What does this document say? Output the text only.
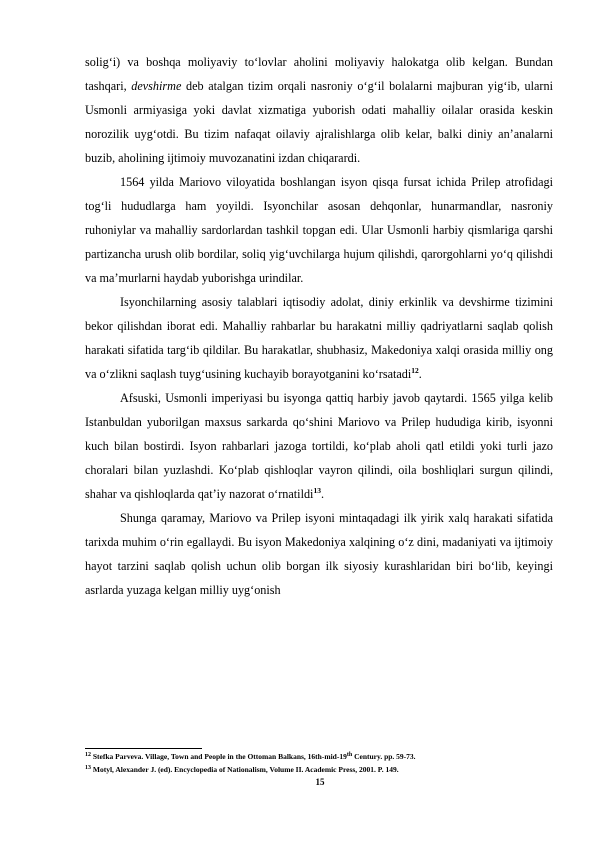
solig‘i) va boshqa moliyaviy to‘lovlar aholini moliyaviy halokatga olib kelgan. Bundan tashqari, devshirme deb atalgan tizim orqali nasroniy o‘g‘il bolalarni majburan yig‘ib, ularni Usmonli armiyasiga yoki davlat xizmatiga yuborish odati mahalliy oilalar orasida keskin norozilik uyg‘otdi. Bu tizim nafaqat oilaviy ajralishlarga olib kelar, balki diniy an’analarni buzib, aholining ijtimoiy muvozanatini izdan chiqarardi.

1564 yilda Mariovo viloyatida boshlangan isyon qisqa fursat ichida Prilep atrofidagi tog‘li hududlarga ham yoyildi. Isyonchilar asosan dehqonlar, hunarmandlar, nasroniy ruhoniylar va mahalliy sardorlardan tashkil topgan edi. Ular Usmonli harbiy qismlariga qarshi partizancha urush olib bordilar, soliq yig‘uvchilarga hujum qilishdi, qarorgohlarni yo‘q qilishdi va ma’murlarni haydab yuborishga urindilar.

Isyonchilarning asosiy talablari iqtisodiy adolat, diniy erkinlik va devshirme tizimini bekor qilishdan iborat edi. Mahalliy rahbarlar bu harakatni milliy qadriyatlarni saqlab qolish harakati sifatida targ‘ib qildilar. Bu harakatlar, shubhasiz, Makedoniya xalqi orasida milliy ong va o‘zlikni saqlash tuyg‘usining kuchayib borayotganini ko‘rsatadi$^{12}$.

Afsuski, Usmonli imperiyasi bu isyonga qattiq harbiy javob qaytardi. 1565 yilga kelib Istanbuldan yuborilgan maxsus sarkarda qo‘shini Mariovo va Prilep hududiga kirib, isyonni kuch bilan bostirdi. Isyon rahbarlari jazoga tortildi, ko‘plab aholi qatl etildi yoki turli jazo choralari bilan yuzlashdi. Ko‘plab qishloqlar vayron qilindi, oila boshliqlari surgun qilindi, shahar va qishloqlarda qat’iy nazorat o‘rnatildi$^{13}$.

Shunga qaramay, Mariovo va Prilep isyoni mintaqadagi ilk yirik xalq harakati sifatida tarixda muhim o‘rin egallaydi. Bu isyon Makedoniya xalqining o‘z dini, madaniyati va ijtimoiy hayot tarzini saqlab qolish uchun olib borgan ilk siyosiy kurashlaridan biri bo‘lib, keyingi asrlarda yuzaga kelgan milliy uyg‘onish

$^{12}$ Stefka Parveva. Village, Town and People in the Ottoman Balkans, 16th-mid-19th Century. pp. 59-73.
$^{13}$ Motyl, Alexander J. (ed). Encyclopedia of Nationalism, Volume II. Academic Press, 2001. P. 149.
15
